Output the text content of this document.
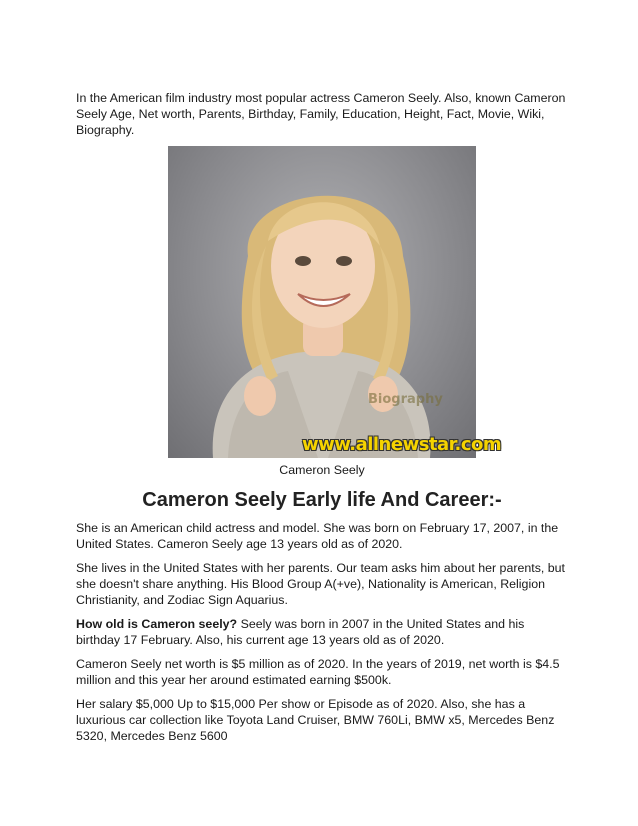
In the American film industry most popular actress Cameron Seely. Also, known Cameron Seely Age, Net worth, Parents, Birthday, Family, Education, Height, Fact, Movie, Wiki, Biography.

Biography
www.allnewstar.com
Cameron Seely
Cameron Seely Early life And Career:-

She is an American child actress and model. She was born on February 17, 2007, in the United States. Cameron Seely age 13 years old as of 2020.

She lives in the United States with her parents. Our team asks him about her parents, but she doesn't share anything. His Blood Group A(+ve), Nationality is American, Religion Christianity, and Zodiac Sign Aquarius.

How old is Cameron seely? Seely was born in 2007 in the United States and his birthday 17 February. Also, his current age 13 years old as of 2020.

Cameron Seely net worth is $5 million as of 2020. In the years of 2019, net worth is $4.5 million and this year her around estimated earning $500k.

Her salary $5,000 Up to $15,000 Per show or Episode as of 2020. Also, she has a luxurious car collection like Toyota Land Cruiser, BMW 760Li, BMW x5, Mercedes Benz 5320, Mercedes Benz 5600
